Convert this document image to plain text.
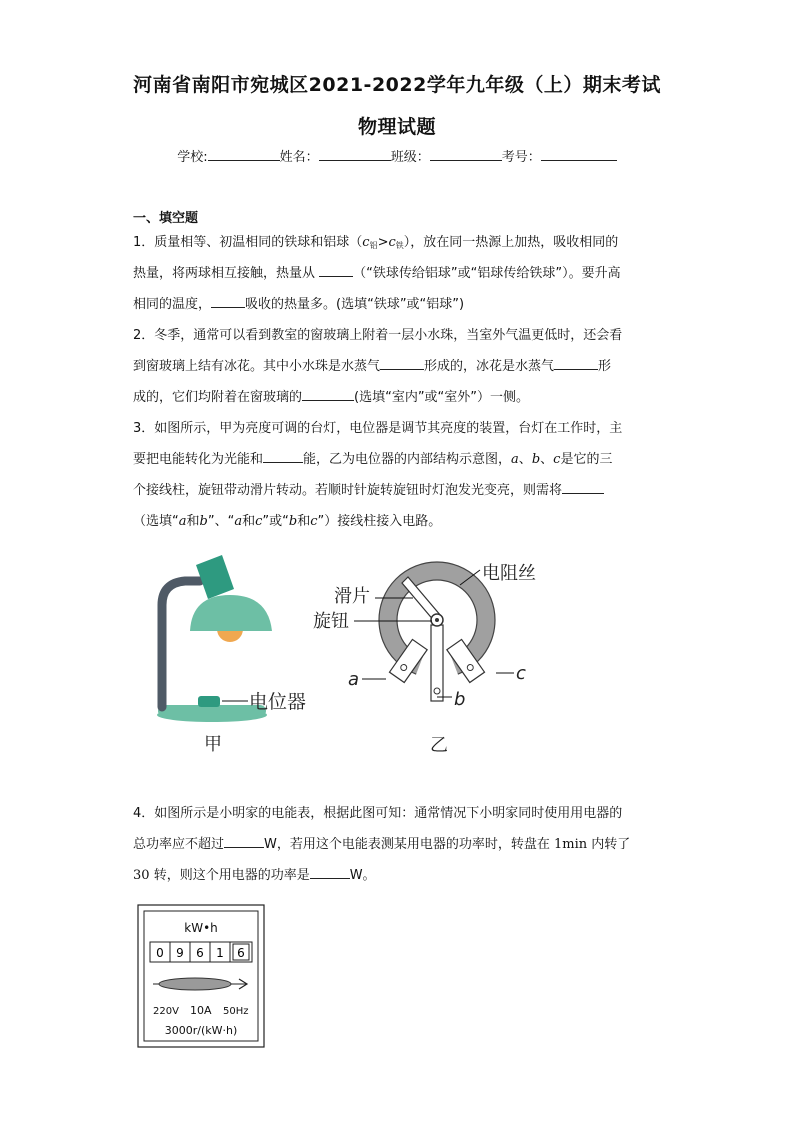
河南省南阳市宛城区2021-2022学年九年级（上）期末考试
物理试题
学校:	姓名：	班级：	考号：
一、填空题
1．质量相等、初温相同的铁球和铝球$(c_铝>c_铁)$，放在同一热源上加热，吸收相同的
热量，将两球相互接触，热量从	（“铁球传给铝球”或“铝球传给铁球”）。要升高
相同的温度，	吸收的热量多。(选填“铁球”或“铝球”)
2．冬季，通常可以看到教室的窗玻璃上附着一层小水珠，当室外气温更低时，还会看
到窗玻璃上结有冰花。其中小水珠是水蒸气	形成的，冰花是水蒸气	形
成的，它们均附着在窗玻璃的	(选填“室内”或“室外”）一侧。
3．如图所示，甲为亮度可调的台灯，电位器是调节其亮度的装置，台灯在工作时，主
要把电能转化为光能和	能，乙为电位器的内部结构示意图，a、b、c是它的三
个接线柱，旋钮带动滑片转动。若顺时针旋转旋钮时灯泡发光变亮，则需将
（选填“a和b”、“a和c”或“b和c”）接线柱接入电路。
电位器
甲
滑片
旋钮
电阻丝
a
b
c
乙
4．如图所示是小明家的电能表，根据此图可知：通常情况下小明家同时使用用电器的
总功率应不超过	W，若用这个电能表测某用电器的功率时，转盘在 1min 内转了
30 转，则这个用电器的功率是	W。
kW•h
0 9 6 1 6
220V 10A 50Hz
3000r/(kW·h)
